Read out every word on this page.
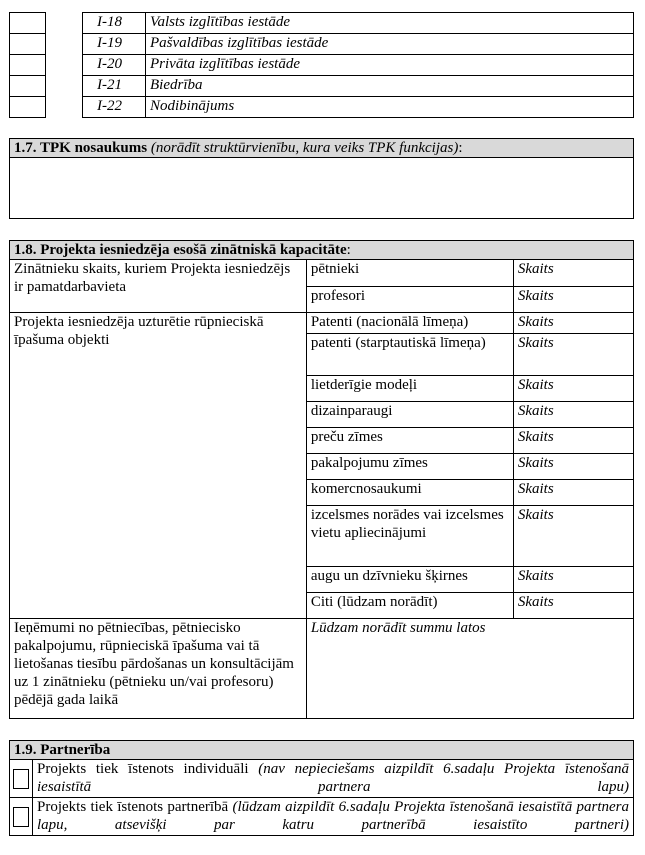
		I-18	Valsts izglītības iestāde
		I-19	Pašvaldības izglītības iestāde
		I-20	Privāta izglītības iestāde
		I-21	Biedrība
		I-22	Nodibinājums
1.7. TPK nosaukums (norādīt struktūrvienību, kura veiks TPK funkcijas):

1.8. Projekta iesniedzēja esošā zinātniskā kapacitāte:		
Zinātnieku skaits, kuriem Projekta iesniedzējs ir pamatdarbavieta	pētnieki	Skaits
	profesori	Skaits
Projekta iesniedzēja uzturētie rūpnieciskā īpašuma objekti	Patenti (nacionālā līmeņa)	Skaits
	patenti (starptautiskā līmeņa)	Skaits
	lietderīgie modeļi	Skaits
	dizainparaugi	Skaits
	preču zīmes	Skaits
	pakalpojumu zīmes	Skaits
	komercnosaukumi	Skaits
	izcelsmes norādes vai izcelsmes vietu apliecinājumi	Skaits
	augu un dzīvnieku šķirnes	Skaits
	Citi (lūdzam norādīt)	Skaits
Ieņēmumi no pētniecības, pētniecisko pakalpojumu, rūpnieciskā īpašuma vai tā lietošanas tiesību pārdošanas un konsultācijām uz 1 zinātnieku (pētnieku un/vai profesoru) pēdējā gada laikā	Lūdzam norādīt summu latos	
1.9. Partnerība	
	Projekts tiek īstenots individuāli (nav nepieciešams aizpildīt 6.sadaļu Projekta īstenošanā iesaistītā partnera lapu)
	Projekts tiek īstenots partnerībā (lūdzam aizpildīt 6.sadaļu Projekta īstenošanā iesaistītā partnera lapu, atsevišķi par katru partnerībā iesaistīto partneri)
